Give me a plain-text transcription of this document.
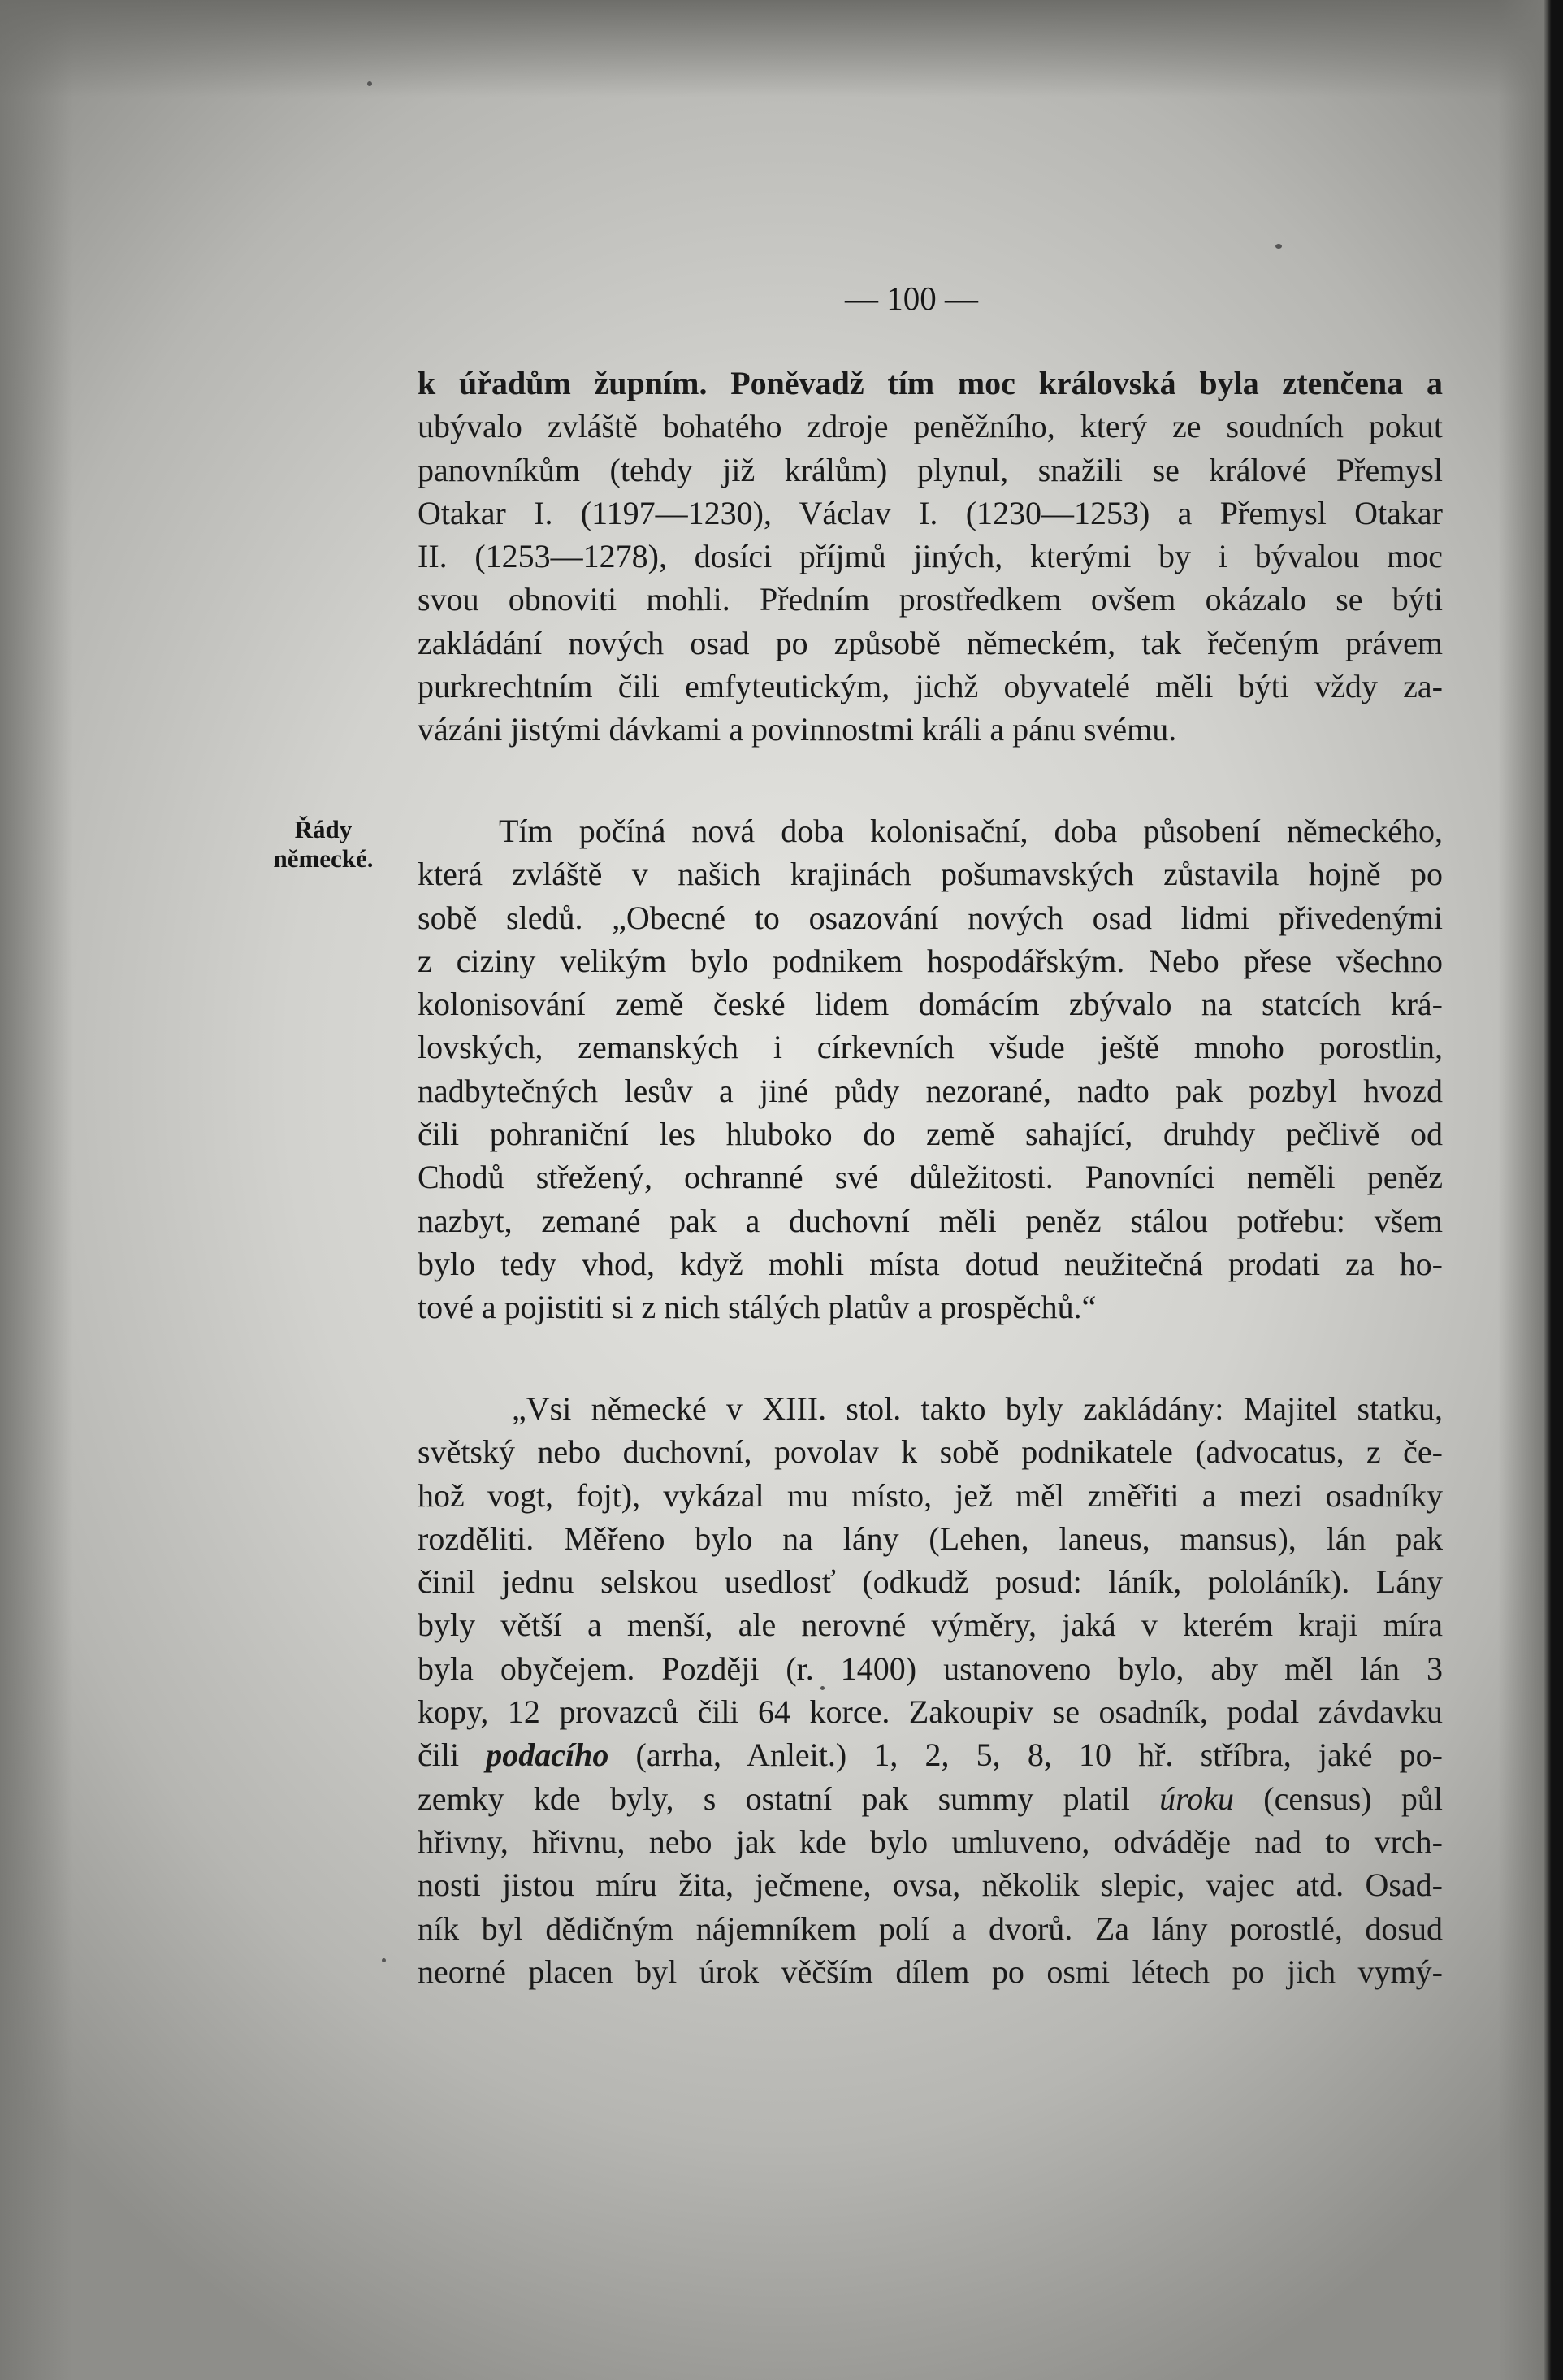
— 100 —
k úřadům župním. Poněvadž tím moc královská byla ztenčena a
ubývalo zvláště bohatého zdroje peněžního, který ze soudních pokut
panovníkům (tehdy již králům) plynul, snažili se králové Přemysl
Otakar I. (1197—1230), Václav I. (1230—1253) a Přemysl Otakar
II. (1253—1278), dosíci příjmů jiných, kterými by i bývalou moc
svou obnoviti mohli. Předním prostředkem ovšem okázalo se býti
zakládání nových osad po způsobě německém, tak řečeným právem
purkrechtním čili emfyteutickým, jichž obyvatelé měli býti vždy za-
vázáni jistými dávkami a povinnostmi králi a pánu svému.
Řády
německé.
Tím počíná nová doba kolonisační, doba působení německého,
která zvláště v našich krajinách pošumavských zůstavila hojně po
sobě sledů. „Obecné to osazování nových osad lidmi přivedenými
z ciziny velikým bylo podnikem hospodářským. Nebo přese všechno
kolonisování země české lidem domácím zbývalo na statcích krá-
lovských, zemanských i církevních všude ještě mnoho porostlin,
nadbytečných lesův a jiné půdy nezorané, nadto pak pozbyl hvozd
čili pohraniční les hluboko do země sahající, druhdy pečlivě od
Chodů střežený, ochranné své důležitosti. Panovníci neměli peněz
nazbyt, zemané pak a duchovní měli peněz stálou potřebu: všem
bylo tedy vhod, když mohli místa dotud neužitečná prodati za ho-
tové a pojistiti si z nich stálých platův a prospěchů.“
„Vsi německé v XIII. stol. takto byly zakládány: Majitel statku,
světský nebo duchovní, povolav k sobě podnikatele (advocatus, z če-
hož vogt, fojt), vykázal mu místo, jež měl změřiti a mezi osadníky
rozděliti. Měřeno bylo na lány (Lehen, laneus, mansus), lán pak
činil jednu selskou usedlosť (odkudž posud: láník, pololáník). Lány
byly větší a menší, ale nerovné výměry, jaká v kterém kraji míra
byla obyčejem. Později (r. 1400) ustanoveno bylo, aby měl lán 3
kopy, 12 provazců čili 64 korce. Zakoupiv se osadník, podal závdavku
čili podacího (arrha, Anleit.) 1, 2, 5, 8, 10 hř. stříbra, jaké po-
zemky kde byly, s ostatní pak summy platil úroku (census) půl
hřivny, hřivnu, nebo jak kde bylo umluveno, odváděje nad to vrch-
nosti jistou míru žita, ječmene, ovsa, několik slepic, vajec atd. Osad-
ník byl dědičným nájemníkem polí a dvorů. Za lány porostlé, dosud
neorné placen byl úrok věčším dílem po osmi létech po jich vymý-
